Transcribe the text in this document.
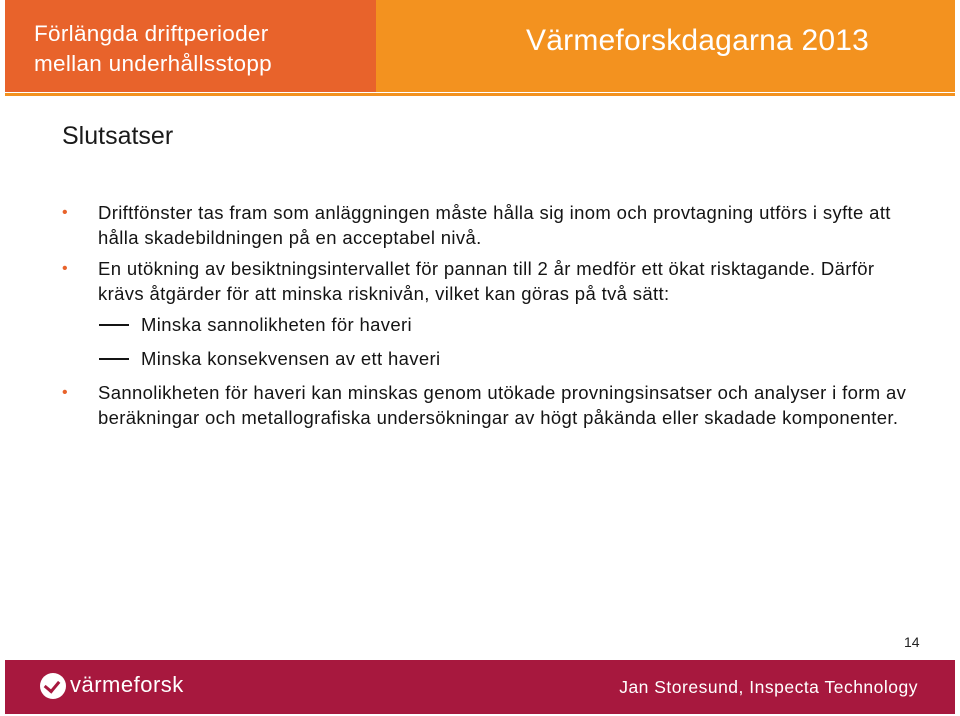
Förlängda driftperioder
mellan underhållsstopp
Värmeforskdagarna 2013
Slutsatser
• Driftfönster tas fram som anläggningen måste hålla sig inom och provtagning utförs i syfte att hålla skadebildningen på en acceptabel nivå.
• En utökning av besiktningsintervallet för pannan till 2 år medför ett ökat risktagande. Därför krävs åtgärder för att minska risknivån, vilket kan göras på två sätt:
Minska sannolikheten för haveri
Minska konsekvensen av ett haveri
• Sannolikheten för haveri kan minskas genom utökade provningsinsatser och analyser i form av beräkningar och metallografiska undersökningar av högt påkända eller skadade komponenter.
14
värmeforsk	Jan Storesund, Inspecta Technology
